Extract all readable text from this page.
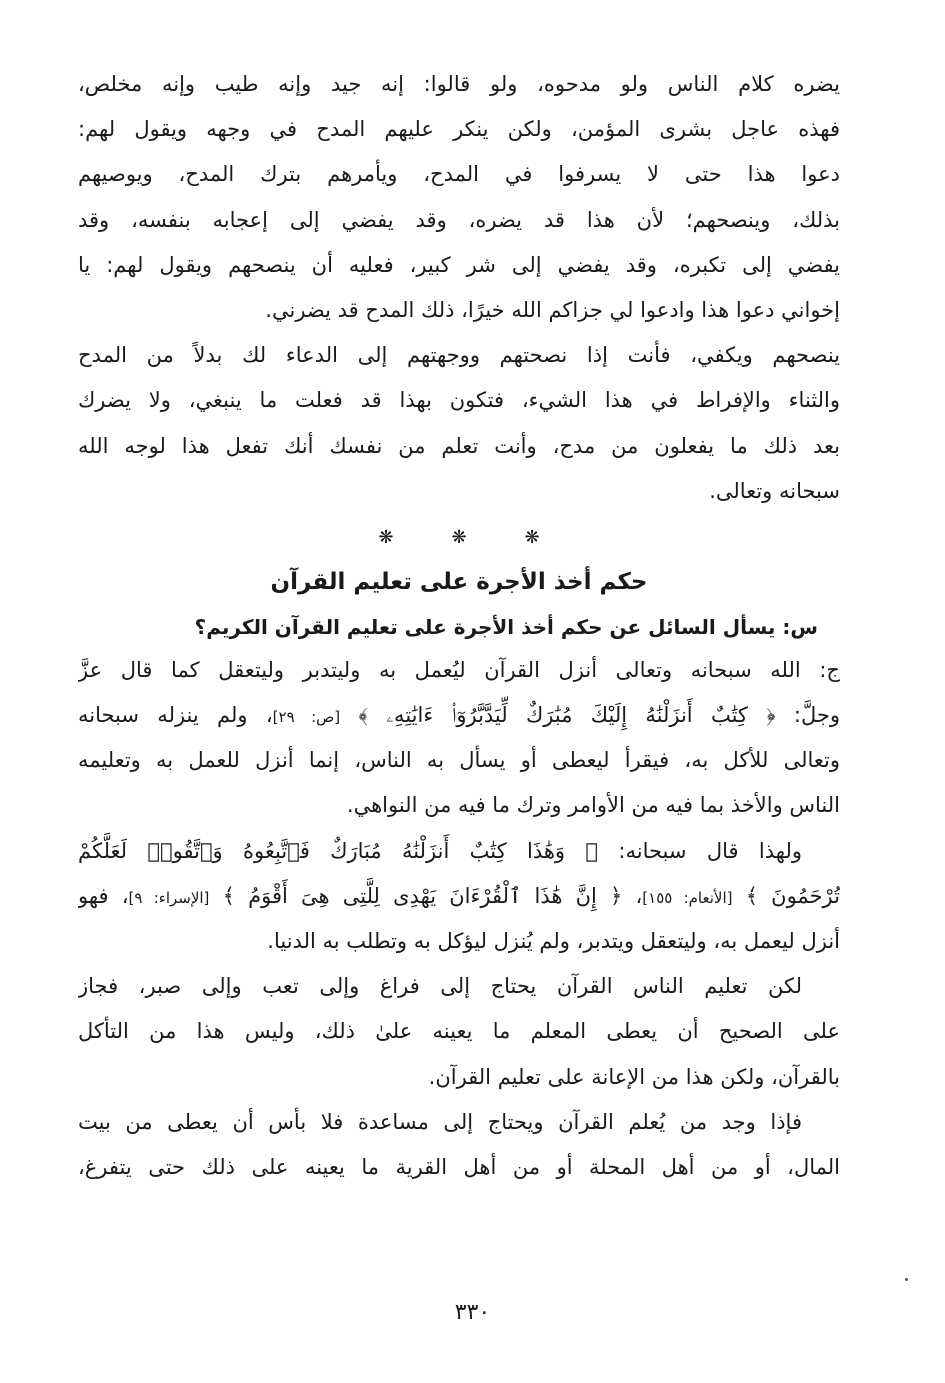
يضره كلام الناس ولو مدحوه، ولو قالوا: إنه جيد وإنه طيب وإنه مخلص،
فهذه عاجل بشرى المؤمن، ولكن ينكر عليهم المدح في وجهه ويقول لهم:
دعوا هذا حتى لا يسرفوا في المدح، ويأمرهم بترك المدح، ويوصيهم
بذلك، وينصحهم؛ لأن هذا قد يضره، وقد يفضي إلى إعجابه بنفسه، وقد
يفضي إلى تكبره، وقد يفضي إلى شر كبير، فعليه أن ينصحهم ويقول لهم: يا
إخواني دعوا هذا وادعوا لي جزاكم الله خيرًا، ذلك المدح قد يضرني.
ينصحهم ويكفي، فأنت إذا نصحتهم ووجهتهم إلى الدعاء لك بدلاً من المدح
والثناء والإفراط في هذا الشيء، فتكون بهذا قد فعلت ما ينبغي، ولا يضرك
بعد ذلك ما يفعلون من مدح، وأنت تعلم من نفسك أنك تفعل هذا لوجه الله
سبحانه وتعالى.
❋
❋
❋
حكم أخذ الأجرة على تعليم القرآن
س: يسأل السائل عن حكم أخذ الأجرة على تعليم القرآن الكريم؟
ج: الله سبحانه وتعالى أنزل القرآن ليُعمل به وليتدبر وليتعقل كما قال عزَّ
وجلَّ: ﴿ كِتَٰبٌ أَنزَلْنَٰهُ إِلَيْكَ مُبَٰرَكٌ لِّيَدَّبَّرُوٓا۟ ءَايَٰتِهِۦ ﴾ [ص: ٢٩]، ولم ينزله سبحانه
وتعالى للأكل به، فيقرأ ليعطى أو يسأل به الناس، إنما أنزل للعمل به وتعليمه
الناس والأخذ بما فيه من الأوامر وترك ما فيه من النواهي.
ولهذا قال سبحانه: ﴿ وَهَٰذَا كِتَٰبٌ أَنزَلْنَٰهُ مُبَارَكٌ فَٱتَّبِعُوهُ وَٱتَّقُوا۟ لَعَلَّكُمْ
تُرْحَمُونَ ﴾ [الأنعام: ١٥٥]، ﴿ إِنَّ هَٰذَا ٱلْقُرْءَانَ يَهْدِى لِلَّتِى هِىَ أَقْوَمُ ﴾ [الإسراء: ٩]، فهو
أنزل ليعمل به، وليتعقل ويتدبر، ولم يُنزل ليؤكل به وتطلب به الدنيا.
لكن تعليم الناس القرآن يحتاج إلى فراغ وإلى تعب وإلى صبر، فجاز
على الصحيح أن يعطى المعلم ما يعينه علىٰ ذلك، وليس هذا من التأكل
بالقرآن، ولكن هذا من الإعانة على تعليم القرآن.
فإذا وجد من يُعلم القرآن ويحتاج إلى مساعدة فلا بأس أن يعطى من بيت
المال، أو من أهل المحلة أو من أهل القرية ما يعينه على ذلك حتى يتفرغ،
٣٣٠
